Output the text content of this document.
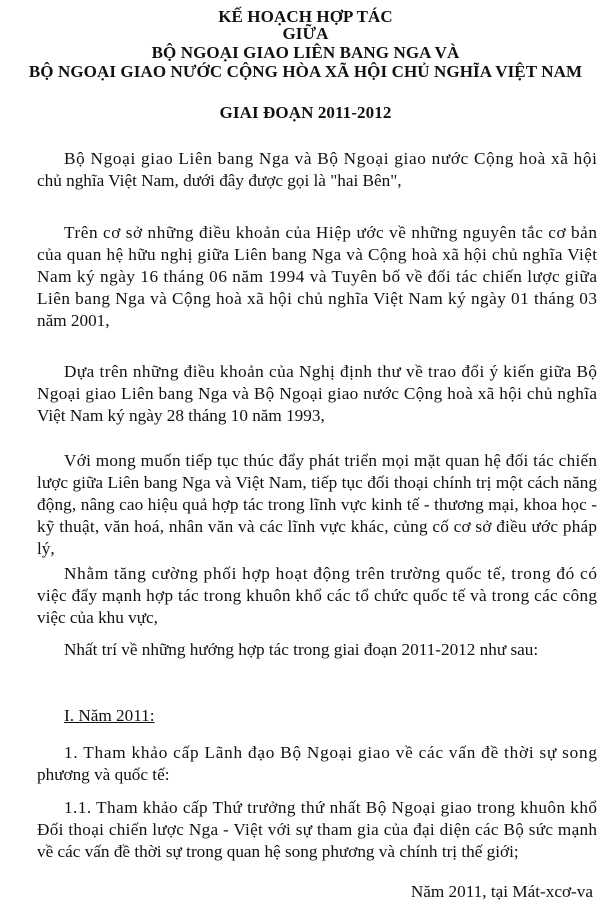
KẾ HOẠCH HỢP TÁC
GIỮA
BỘ NGOẠI GIAO LIÊN BANG NGA VÀ
BỘ NGOẠI GIAO NƯỚC CỘNG HÒA XÃ HỘI CHỦ NGHĨA VIỆT NAM
GIAI ĐOẠN 2011-2012
Bộ Ngoại giao Liên bang Nga và Bộ Ngoại giao nước Cộng hoà xã hội
chủ nghĩa Việt Nam, dưới đây được gọi là "hai Bên",
Trên cơ sở những điều khoản của Hiệp ước về những nguyên tắc cơ bản
của quan hệ hữu nghị giữa Liên bang Nga và Cộng hoà xã hội chủ nghĩa Việt
Nam ký ngày 16 tháng 06 năm 1994 và Tuyên bố về đối tác chiến lược giữa
Liên bang Nga và Cộng hoà xã hội chủ nghĩa Việt Nam ký ngày 01 tháng 03
năm 2001,
Dựa trên những điều khoản của Nghị định thư về trao đổi ý kiến giữa Bộ
Ngoại giao Liên bang Nga và Bộ Ngoại giao nước Cộng hoà xã hội chủ nghĩa
Việt Nam ký ngày 28 tháng 10 năm 1993,
Với mong muốn tiếp tục thúc đẩy phát triển mọi mặt quan hệ đối tác chiến
lược giữa Liên bang Nga và Việt Nam, tiếp tục đối thoại chính trị một cách năng
động, nâng cao hiệu quả hợp tác trong lĩnh vực kinh tế - thương mại, khoa học -
kỹ thuật, văn hoá, nhân văn và các lĩnh vực khác, củng cố cơ sở điều ước pháp
lý,
Nhằm tăng cường phối hợp hoạt động trên trường quốc tế, trong đó có
việc đẩy mạnh hợp tác trong khuôn khổ các tổ chức quốc tế và trong các công
việc của khu vực,
Nhất trí về những hướng hợp tác trong giai đoạn 2011-2012 như sau:
I. Năm 2011:
1. Tham khảo cấp Lãnh đạo Bộ Ngoại giao về các vấn đề thời sự song
phương và quốc tế:
1.1. Tham khảo cấp Thứ trưởng thứ nhất Bộ Ngoại giao trong khuôn khổ
Đối thoại chiến lược Nga - Việt với sự tham gia của đại diện các Bộ sức mạnh
về các vấn đề thời sự trong quan hệ song phương và chính trị thế giới;
Năm 2011, tại Mát-xcơ-va
